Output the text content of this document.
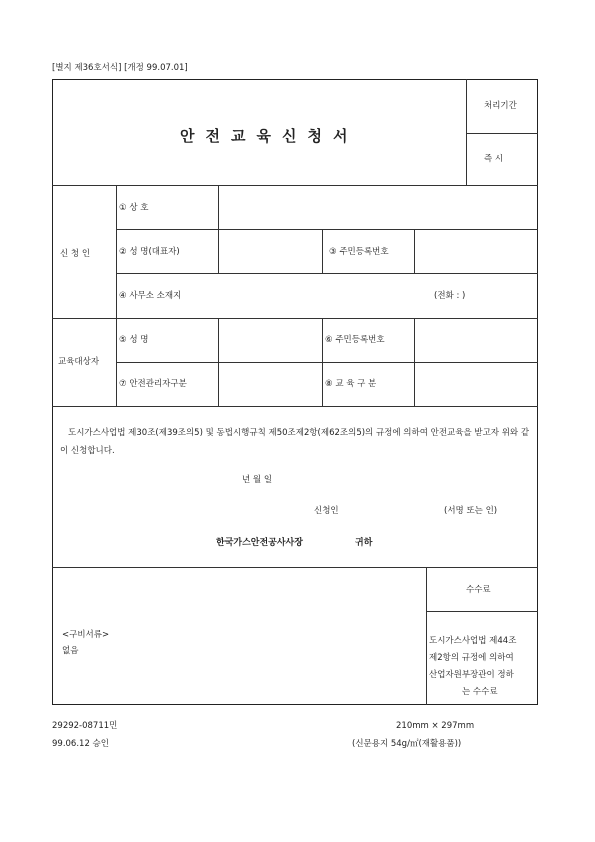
[별지 제36호서식] [개정 99.07.01]
안전교육신청서
처리기간
즉 시
신 청 인
① 상 호
② 성 명(대표자)	③ 주민등록번호
④ 사무소 소재지	(전화 : )
교육대상자
⑤ 성 명	⑥ 주민등록번호
⑦ 안전관리자구분	⑧ 교 육 구 분
도시가스사업법 제30조(제39조의5) 및 동법시행규칙 제50조제2항(제62조의5)의 규정에 의하여 안전교육을 받고자 위와 같이 신청합니다.
년 월 일
신청인	(서명 또는 인)
한국가스안전공사사장	귀하
<구비서류>
없음
수수료
도시가스사업법 제44조
제2항의 규정에 의하여
산업자원부장관이 정하
는 수수료
29292-08711민
99.06.12 승인
210mm × 297mm
(신문용지 54g/㎡(재활용품))
